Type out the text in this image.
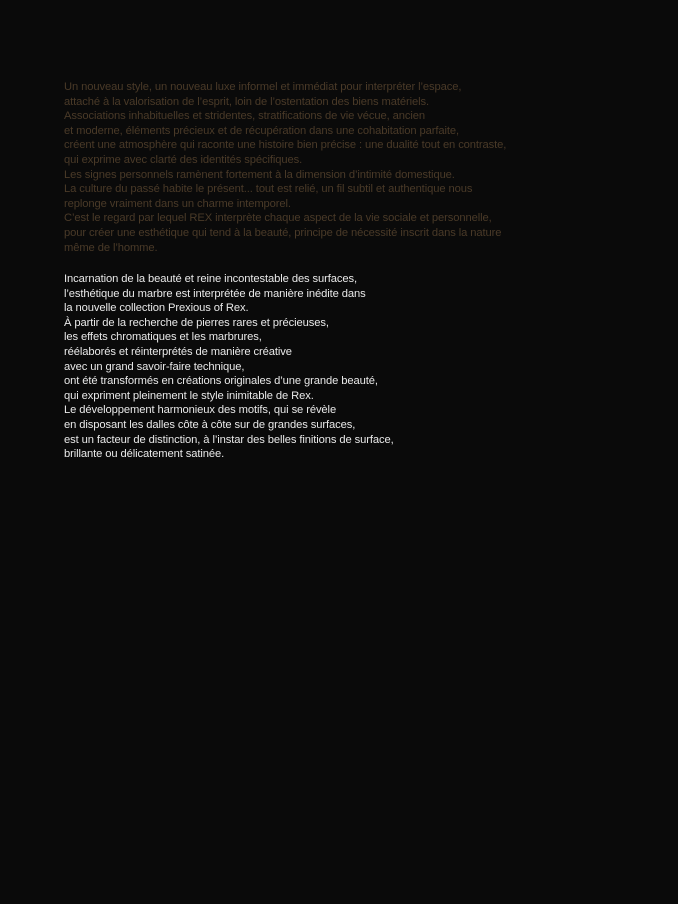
Un nouveau style, un nouveau luxe informel et immédiat pour interpréter l’espace,
attaché à la valorisation de l’esprit, loin de l’ostentation des biens matériels.
Associations inhabituelles et stridentes, stratifications de vie vécue, ancien
et moderne, éléments précieux et de récupération dans une cohabitation parfaite,
créent une atmosphère qui raconte une histoire bien précise : une dualité tout en contraste,
qui exprime avec clarté des identités spécifiques.
Les signes personnels ramènent fortement à la dimension d’intimité domestique.
La culture du passé habite le présent... tout est relié, un fil subtil et authentique nous
replonge vraiment dans un charme intemporel.
C’est le regard par lequel REX interprète chaque aspect de la vie sociale et personnelle,
pour créer une esthétique qui tend à la beauté, principe de nécessité inscrit dans la nature
même de l’homme.

Incarnation de la beauté et reine incontestable des surfaces,
l’esthétique du marbre est interprétée de manière inédite dans
la nouvelle collection Prexious of Rex.
À partir de la recherche de pierres rares et précieuses,
les effets chromatiques et les marbrures,
réélaborés et réinterprétés de manière créative
avec un grand savoir-faire technique,
ont été transformés en créations originales d’une grande beauté,
qui expriment pleinement le style inimitable de Rex.
Le développement harmonieux des motifs, qui se révèle
en disposant les dalles côte à côte sur de grandes surfaces,
est un facteur de distinction, à l’instar des belles finitions de surface,
brillante ou délicatement satinée.
